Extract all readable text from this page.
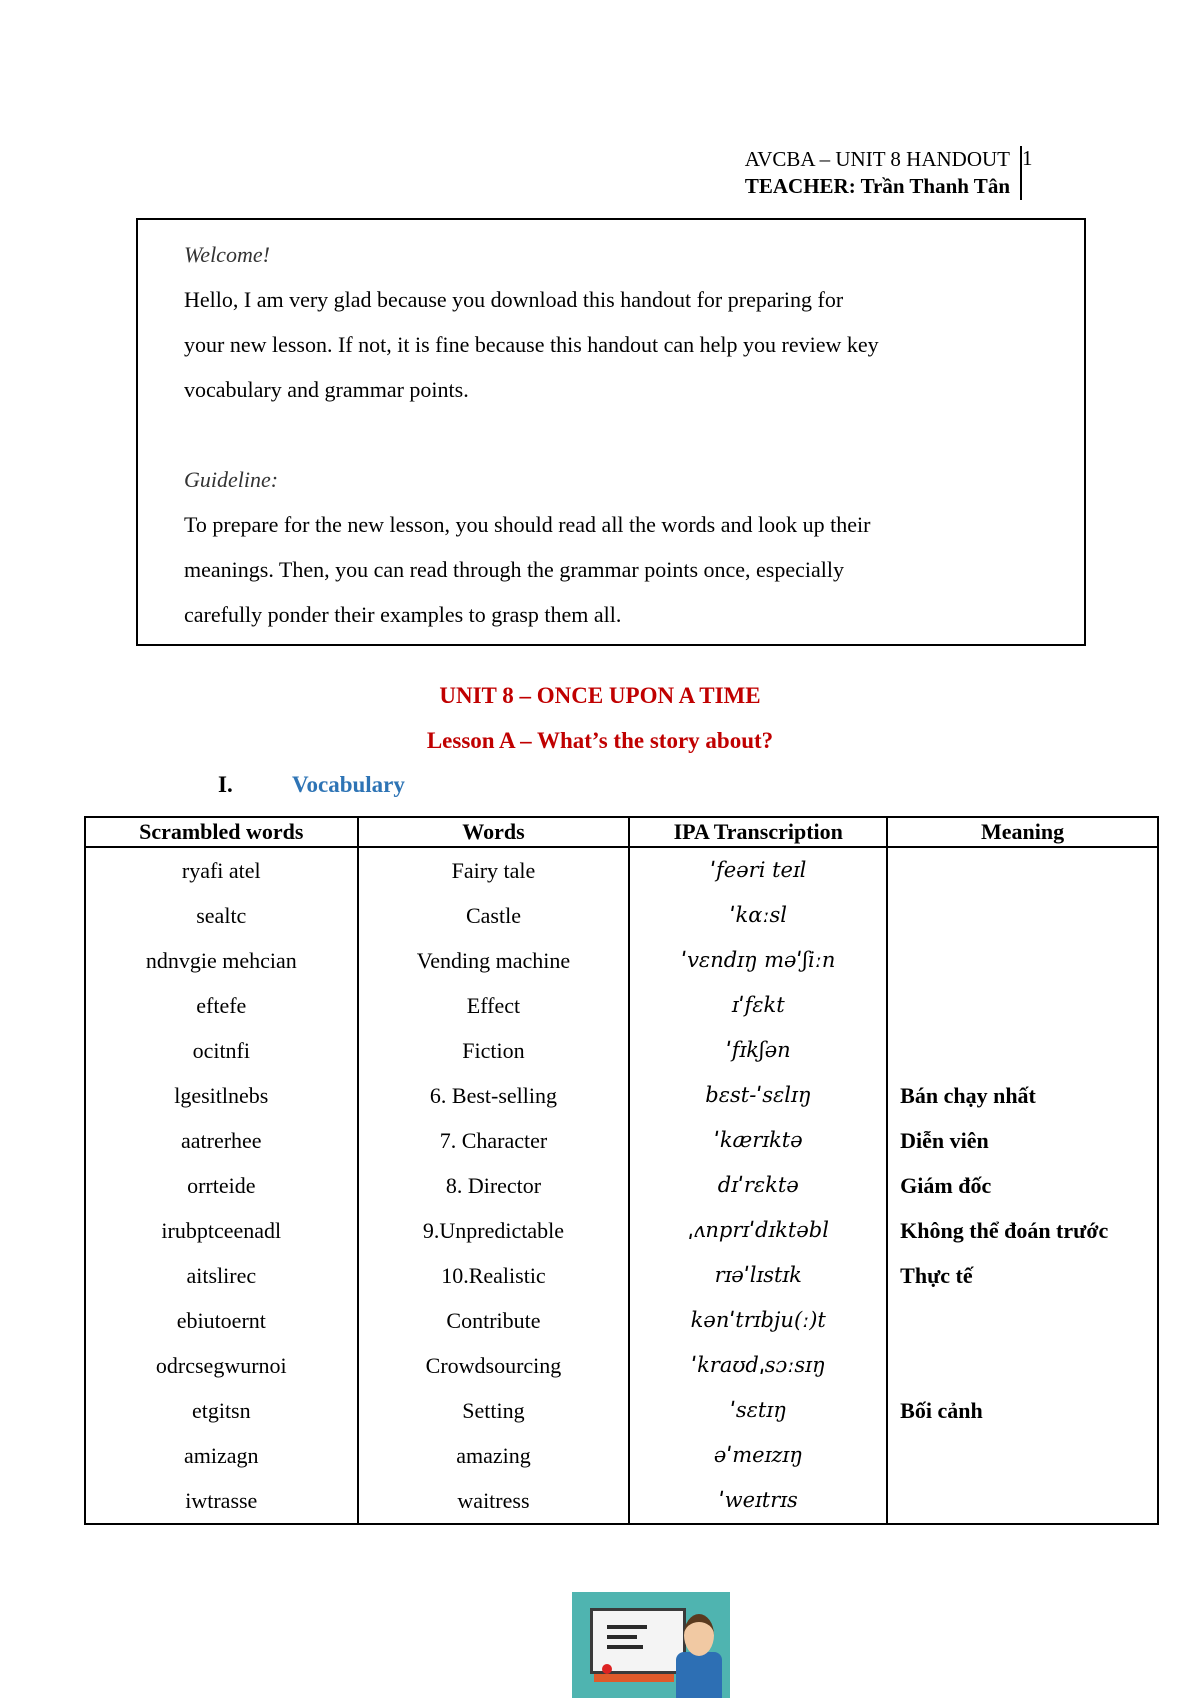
AVCBA – UNIT 8 HANDOUT
TEACHER: Trần Thanh Tân
1

Welcome!

Hello, I am very glad because you download this handout for preparing for

your new lesson. If not, it is fine because this handout can help you review key

vocabulary and grammar points.

Guideline:

To prepare for the new lesson, you should read all the words and look up their

meanings. Then, you can read through the grammar points once, especially

carefully ponder their examples to grasp them all.

UNIT 8 – ONCE UPON A TIME
Lesson A – What’s the story about?
I.	Vocabulary
Scrambled words	Words	IPA Transcription	Meaning
ryafi atel	Fairy tale	ˈfeəri teɪl	
sealtc	Castle	ˈkɑːsl	
ndnvgie mehcian	Vending machine	ˈvɛndɪŋ məˈʃiːn	
eftefe	Effect	ɪˈfɛkt	
ocitnfi	Fiction	ˈfɪkʃən	
lgesitlnebs	6. Best-selling	bɛst-ˈsɛlɪŋ	Bán chạy nhất
aatrerhee	7. Character	ˈkærɪktə	Diễn viên
orrteide	8. Director	dɪˈrɛktə	Giám đốc
irubptceenadl	9.Unpredictable	ˌʌnprɪˈdɪktəbl	Không thể đoán trước
aitslirec	10.Realistic	rɪəˈlɪstɪk	Thực tế
ebiutoernt	Contribute	kənˈtrɪbju(ː)t	
odrcsegwurnoi	Crowdsourcing	ˈkraʊdˌsɔːsɪŋ	
etgitsn	Setting	ˈsɛtɪŋ	Bối cảnh
amizagn	amazing	əˈmeɪzɪŋ	
iwtrasse	waitress	ˈweɪtrɪs	
